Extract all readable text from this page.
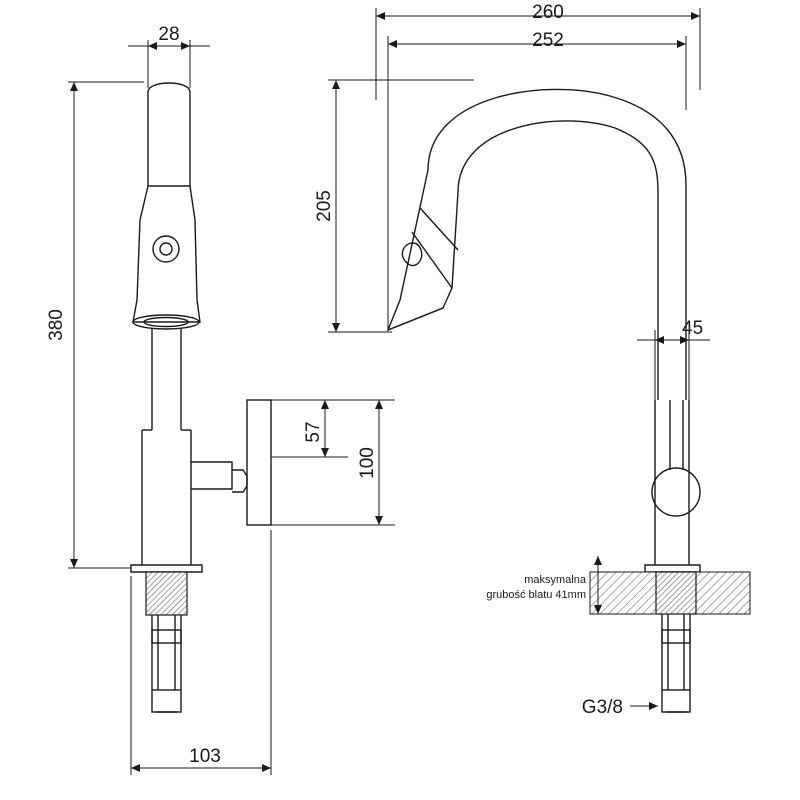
28
380
103
57
100
260
252
205
45
maksymalna
grubość blatu 41mm
G3/8
